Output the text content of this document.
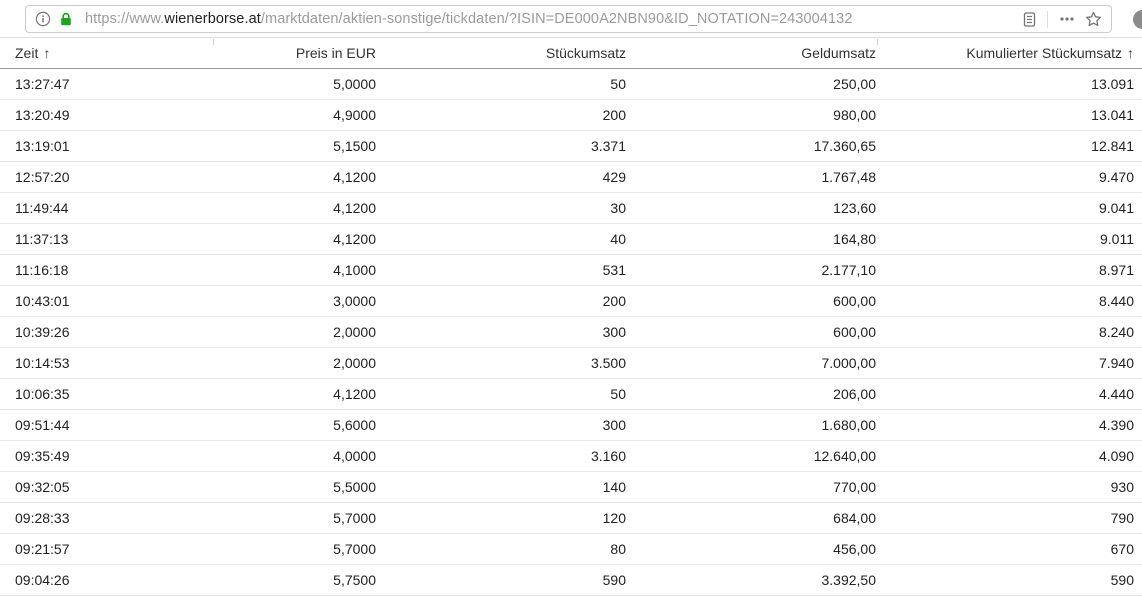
https://www.wienerborse.at/marktdaten/aktien-sonstige/tickdaten/?ISIN=DE000A2NBN90&ID_NOTATION=243004132
Zeit ↑	Preis in EUR	Stückumsatz	Geldumsatz	Kumulierter Stückumsatz ↑
13:27:47	5,0000	50	250,00	13.091
13:20:49	4,9000	200	980,00	13.041
13:19:01	5,1500	3.371	17.360,65	12.841
12:57:20	4,1200	429	1.767,48	9.470
11:49:44	4,1200	30	123,60	9.041
11:37:13	4,1200	40	164,80	9.011
11:16:18	4,1000	531	2.177,10	8.971
10:43:01	3,0000	200	600,00	8.440
10:39:26	2,0000	300	600,00	8.240
10:14:53	2,0000	3.500	7.000,00	7.940
10:06:35	4,1200	50	206,00	4.440
09:51:44	5,6000	300	1.680,00	4.390
09:35:49	4,0000	3.160	12.640,00	4.090
09:32:05	5,5000	140	770,00	930
09:28:33	5,7000	120	684,00	790
09:21:57	5,7000	80	456,00	670
09:04:26	5,7500	590	3.392,50	590
